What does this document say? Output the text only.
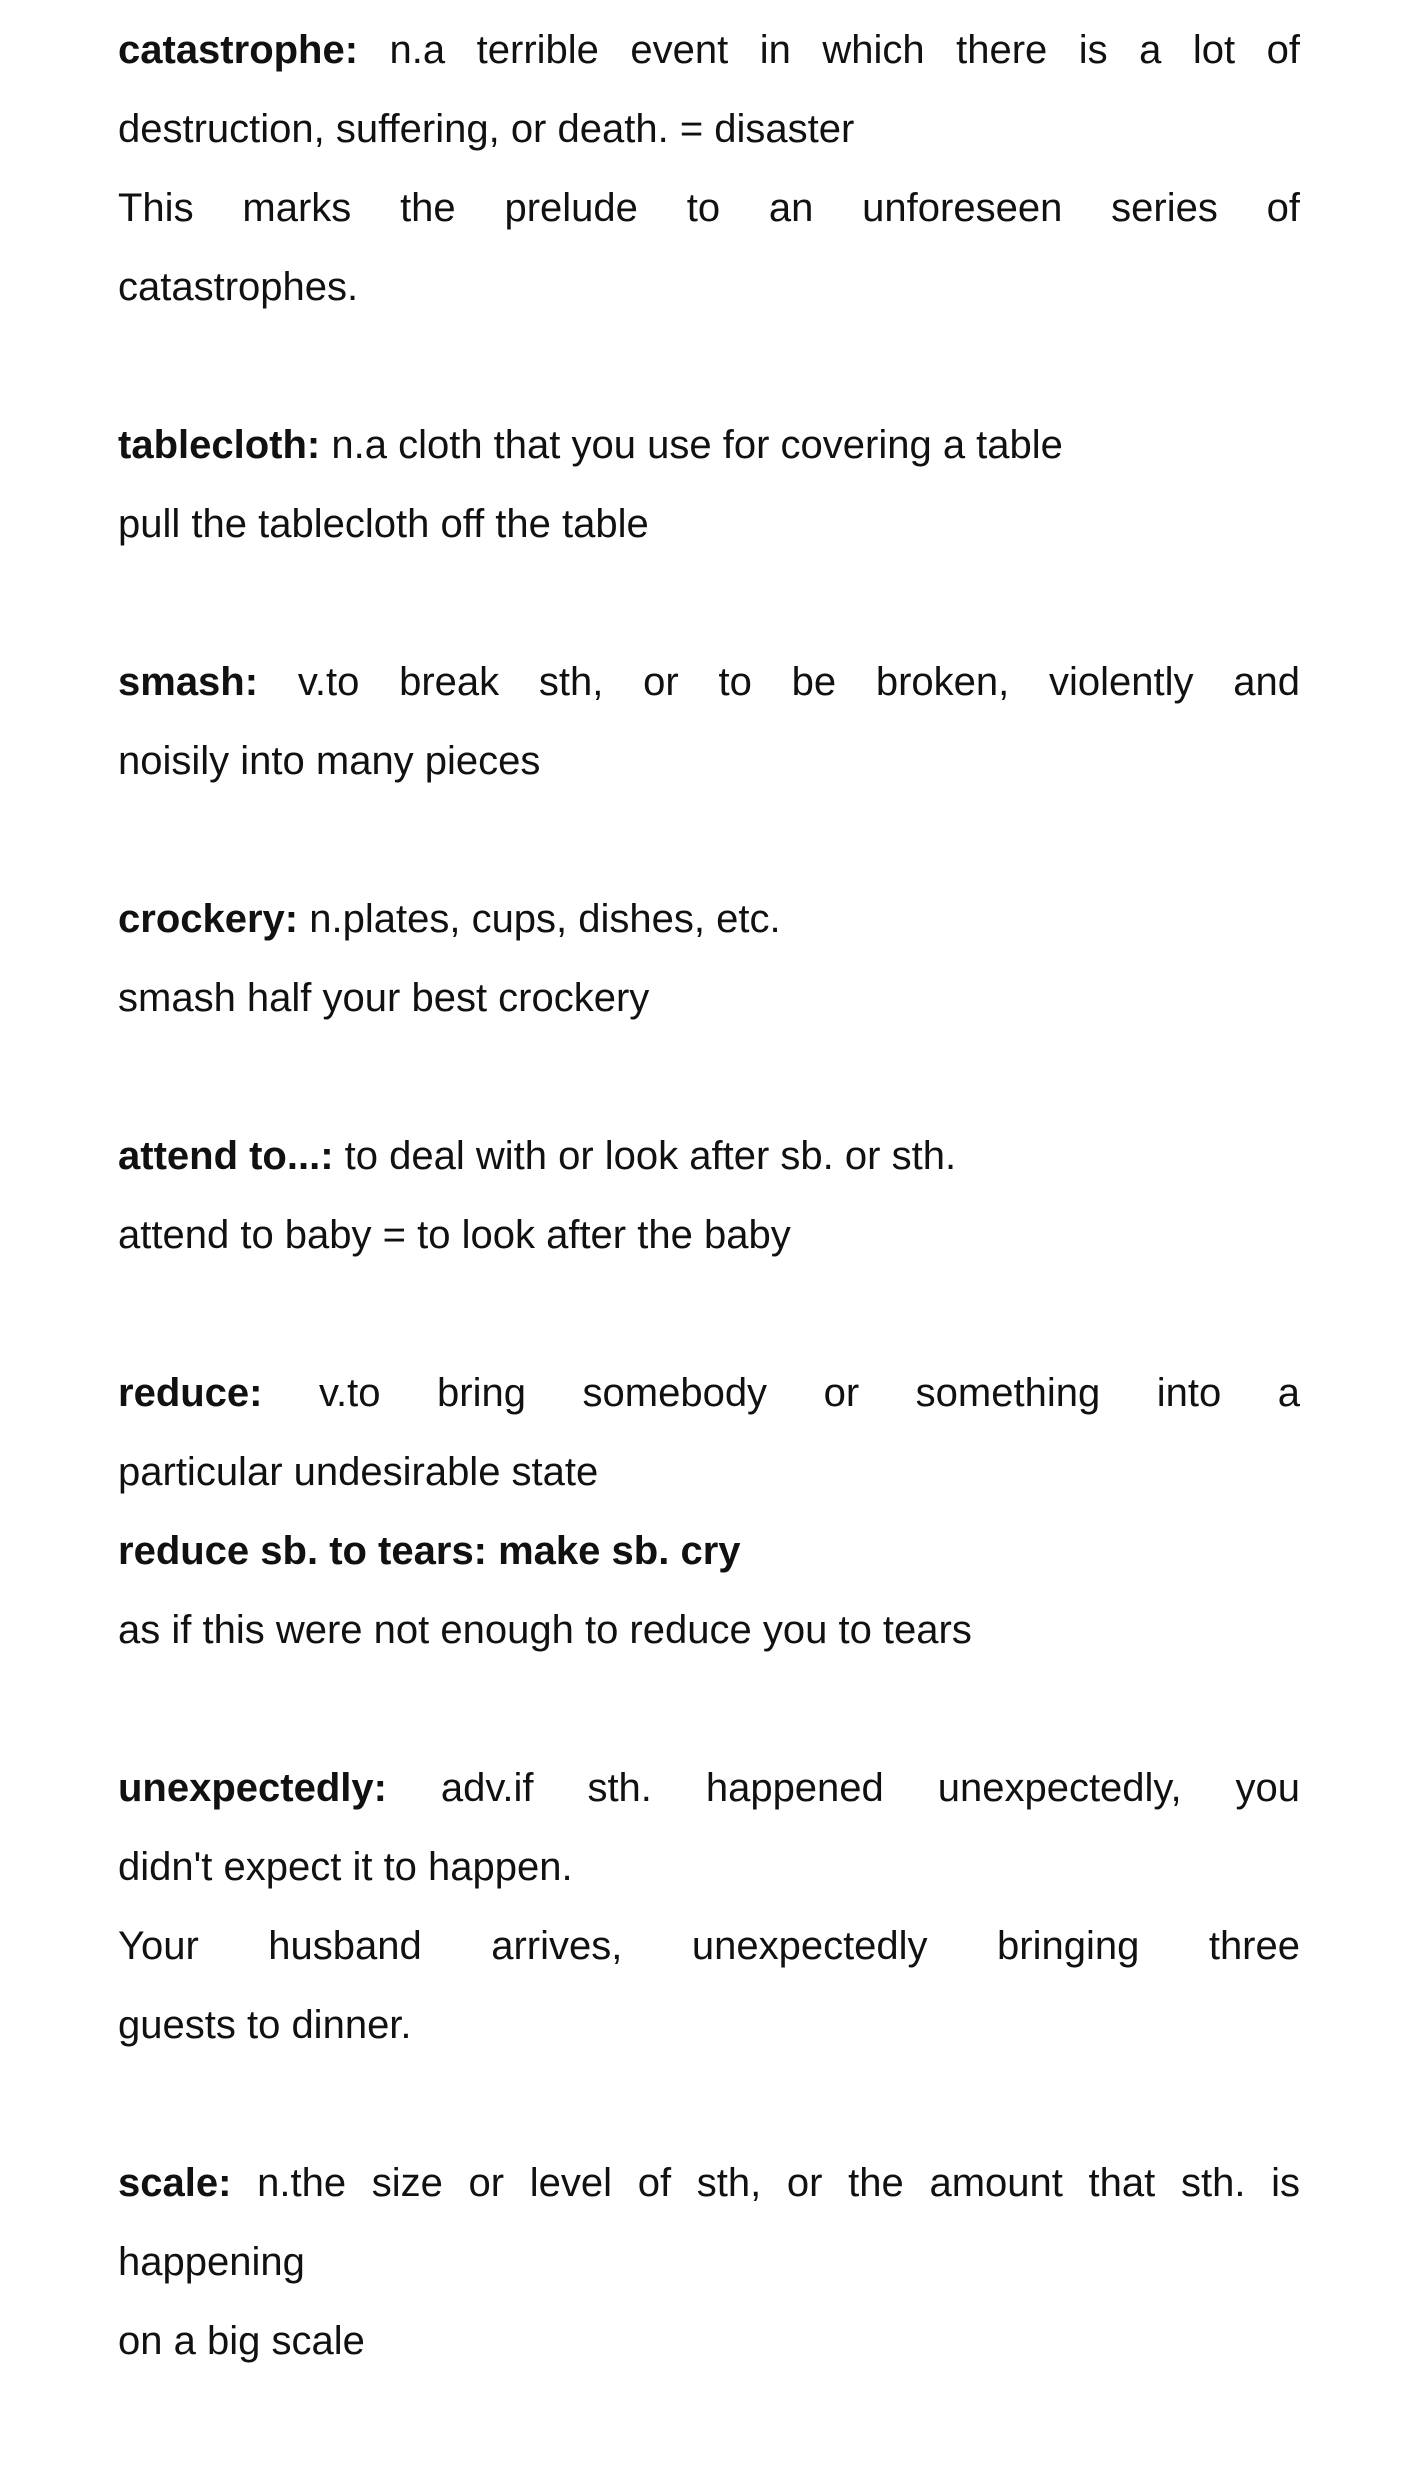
catastrophe: n.a terrible event in which there is a lot of
destruction, suffering, or death. = disaster
This marks the prelude to an unforeseen series of
catastrophes.
tablecloth: n.a cloth that you use for covering a table
pull the tablecloth off the table
smash: v.to break sth, or to be broken, violently and
noisily into many pieces
crockery: n.plates, cups, dishes, etc.
smash half your best crockery
attend to...: to deal with or look after sb. or sth.
attend to baby = to look after the baby
reduce: v.to bring somebody or something into a
particular undesirable state
reduce sb. to tears: make sb. cry
as if this were not enough to reduce you to tears
unexpectedly: adv.if sth. happened unexpectedly, you
didn't expect it to happen.
Your husband arrives, unexpectedly bringing three
guests to dinner.
scale: n.the size or level of sth, or the amount that sth. is
happening
on a big scale
